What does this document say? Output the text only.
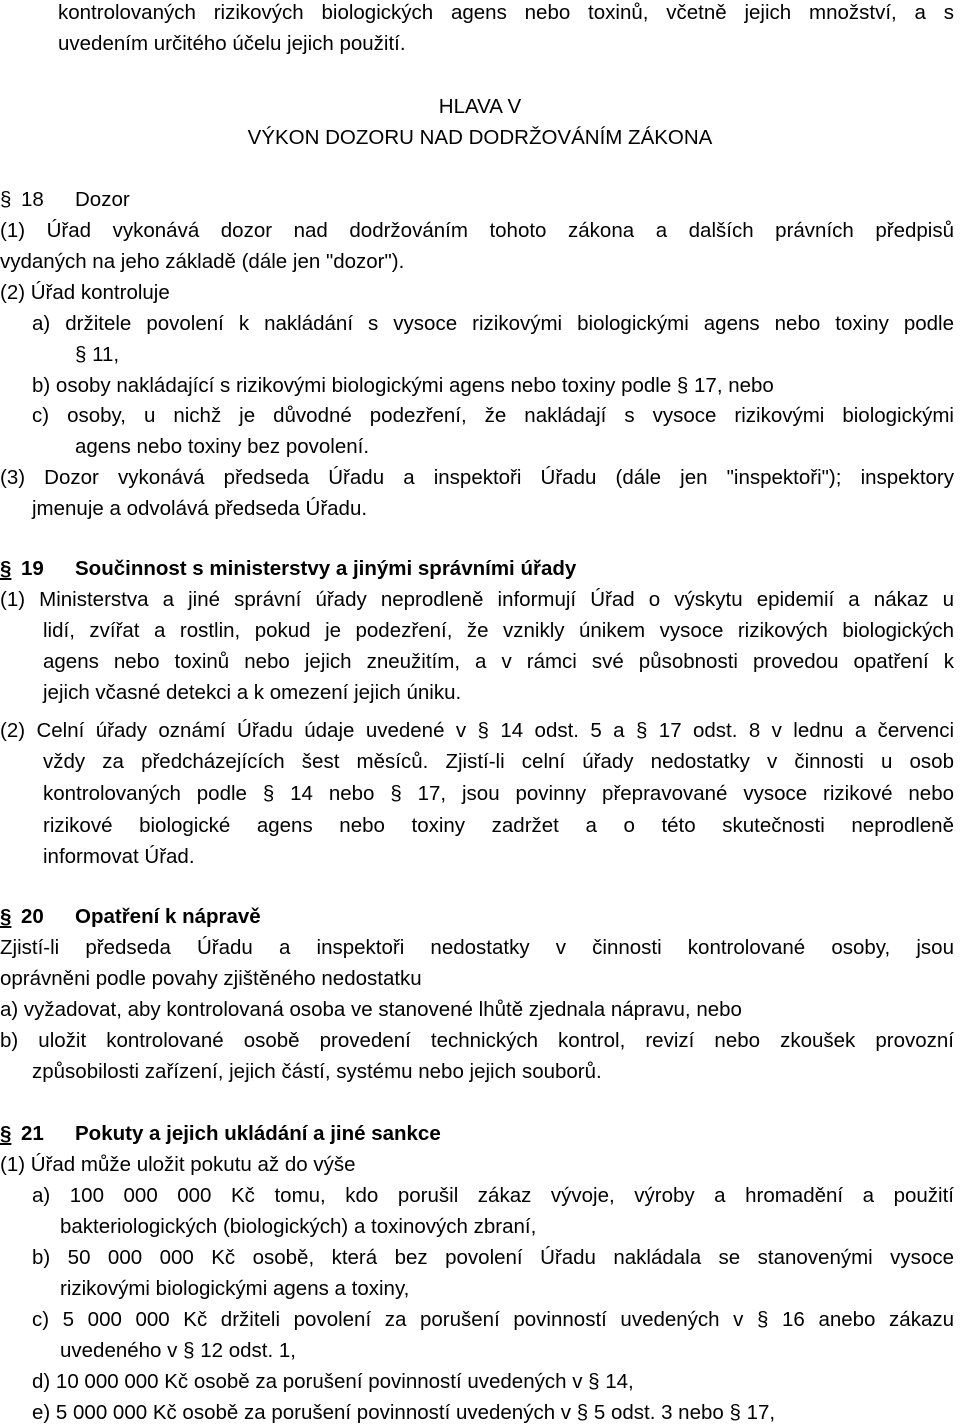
kontrolovaných rizikových biologických agens nebo toxinů, včetně jejich množství, a s
uvedením určitého účelu jejich použití.
HLAVA V
VÝKON DOZORU NAD DODRŽOVÁNÍM ZÁKONA
§ 18 Dozor
(1) Úřad vykonává dozor nad dodržováním tohoto zákona a dalších právních předpisů
vydaných na jeho základě (dále jen "dozor").
(2) Úřad kontroluje
a) držitele povolení k nakládání s vysoce rizikovými biologickými agens nebo toxiny podle
§ 11,
b) osoby nakládající s rizikovými biologickými agens nebo toxiny podle § 17, nebo
c) osoby, u nichž je důvodné podezření, že nakládají s vysoce rizikovými biologickými
agens nebo toxiny bez povolení.
(3) Dozor vykonává předseda Úřadu a inspektoři Úřadu (dále jen "inspektoři"); inspektory
jmenuje a odvolává předseda Úřadu.
§ 19 Součinnost s ministerstvy a jinými správními úřady
(1) Ministerstva a jiné správní úřady neprodleně informují Úřad o výskytu epidemií a nákaz u
lidí, zvířat a rostlin, pokud je podezření, že vznikly únikem vysoce rizikových biologických
agens nebo toxinů nebo jejich zneužitím, a v rámci své působnosti provedou opatření k
jejich včasné detekci a k omezení jejich úniku.
(2) Celní úřady oznámí Úřadu údaje uvedené v § 14 odst. 5 a § 17 odst. 8 v lednu a červenci
vždy za předcházejících šest měsíců. Zjistí-li celní úřady nedostatky v činnosti u osob
kontrolovaných podle § 14 nebo § 17, jsou povinny přepravované vysoce rizikové nebo
rizikové biologické agens nebo toxiny zadržet a o této skutečnosti neprodleně
informovat Úřad.
§ 20 Opatření k nápravě
Zjistí-li předseda Úřadu a inspektoři nedostatky v činnosti kontrolované osoby, jsou
oprávněni podle povahy zjištěného nedostatku
a) vyžadovat, aby kontrolovaná osoba ve stanovené lhůtě zjednala nápravu, nebo
b) uložit kontrolované osobě provedení technických kontrol, revizí nebo zkoušek provozní
způsobilosti zařízení, jejich částí, systému nebo jejich souborů.
§ 21 Pokuty a jejich ukládání a jiné sankce
(1) Úřad může uložit pokutu až do výše
a) 100 000 000 Kč tomu, kdo porušil zákaz vývoje, výroby a hromadění a použití
bakteriologických (biologických) a toxinových zbraní,
b) 50 000 000 Kč osobě, která bez povolení Úřadu nakládala se stanovenými vysoce
rizikovými biologickými agens a toxiny,
c) 5 000 000 Kč držiteli povolení za porušení povinností uvedených v § 16 anebo zákazu
uvedeného v § 12 odst. 1,
d) 10 000 000 Kč osobě za porušení povinností uvedených v § 14,
e) 5 000 000 Kč osobě za porušení povinností uvedených v § 5 odst. 3 nebo § 17,
